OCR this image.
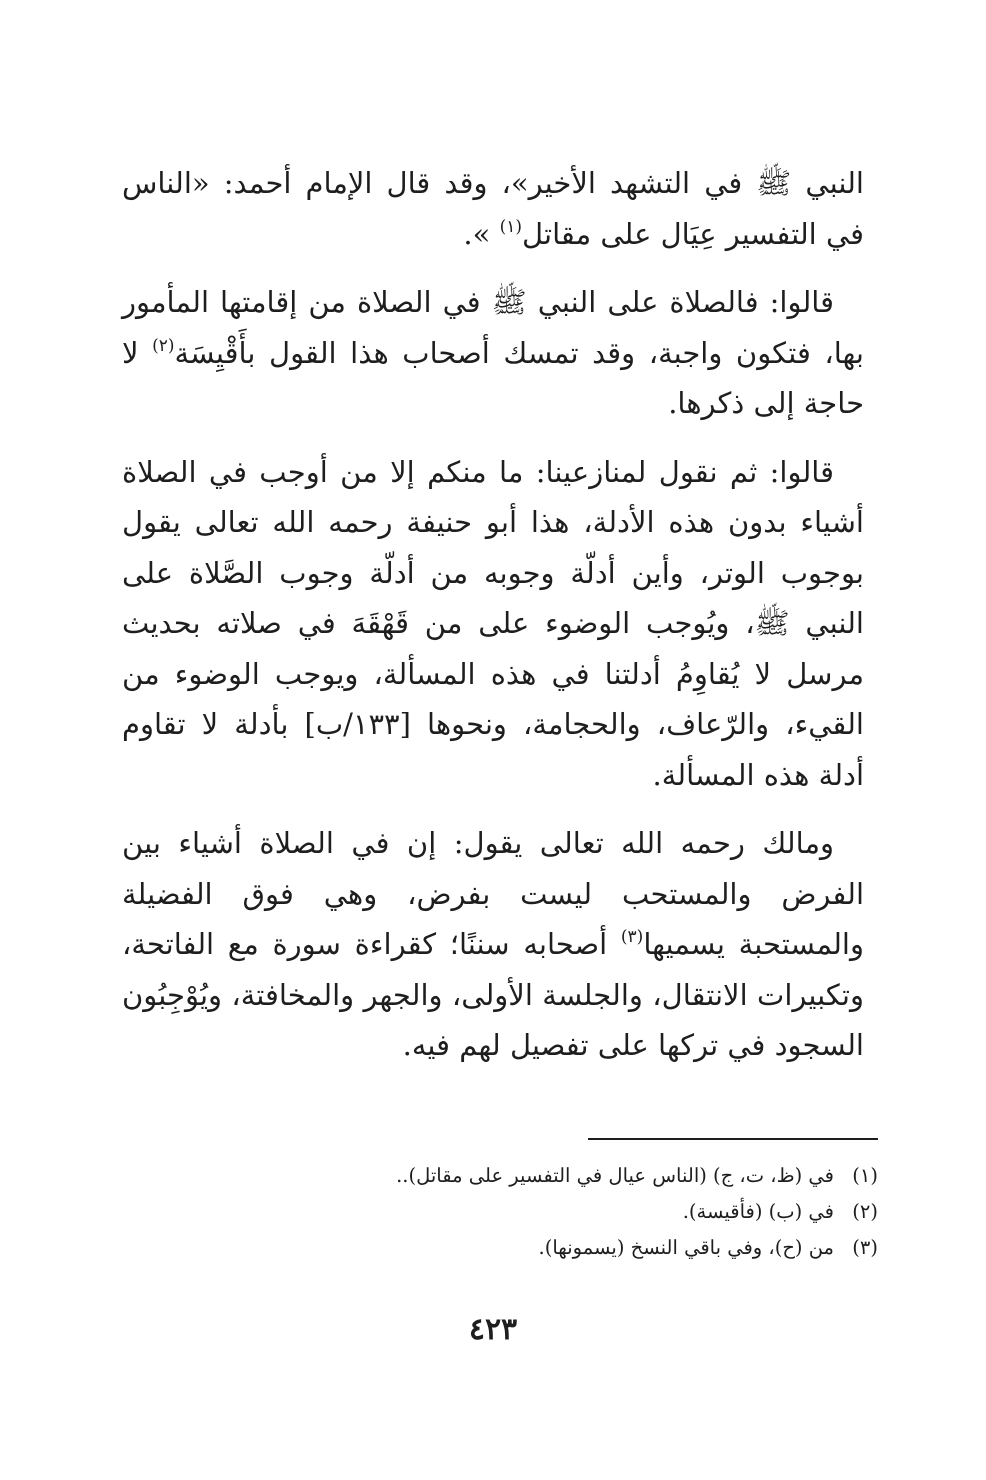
النبي ﷺ في التشهد الأخير»، وقد قال الإمام أحمد: «الناس في التفسير عِيَال على مقاتل$^{(١)}$ ».

قالوا: فالصلاة على النبي ﷺ في الصلاة من إقامتها المأمور بها، فتكون واجبة، وقد تمسك أصحاب هذا القول بأَقْيِسَة$^{(٢)}$ لا حاجة إلى ذكرها.

قالوا: ثم نقول لمنازعينا: ما منكم إلا من أوجب في الصلاة أشياء بدون هذه الأدلة، هذا أبو حنيفة رحمه الله تعالى يقول بوجوب الوتر، وأين أدلّة وجوبه من أدلّة وجوب الصَّلاة على النبي ﷺ، ويُوجب الوضوء على من قَهْقَهَ في صلاته بحديث مرسل لا يُقاوِمُ أدلتنا في هذه المسألة، ويوجب الوضوء من القيء، والرّعاف، والحجامة، ونحوها [١٣٣/ب] بأدلة لا تقاوم أدلة هذه المسألة.

ومالك رحمه الله تعالى يقول: إن في الصلاة أشياء بين الفرض والمستحب ليست بفرض، وهي فوق الفضيلة والمستحبة يسميها$^{(٣)}$ أصحابه سننًا؛ كقراءة سورة مع الفاتحة، وتكبيرات الانتقال، والجلسة الأولى، والجهر والمخافتة، ويُوْجِبُون السجود في تركها على تفصيل لهم فيه.

(١)في (ظ، ت، ج) (الناس عيال في التفسير على مقاتل)..
(٢)في (ب) (فأقيسة).
(٣)من (ح)، وفي باقي النسخ (يسمونها).
٤٢٣
